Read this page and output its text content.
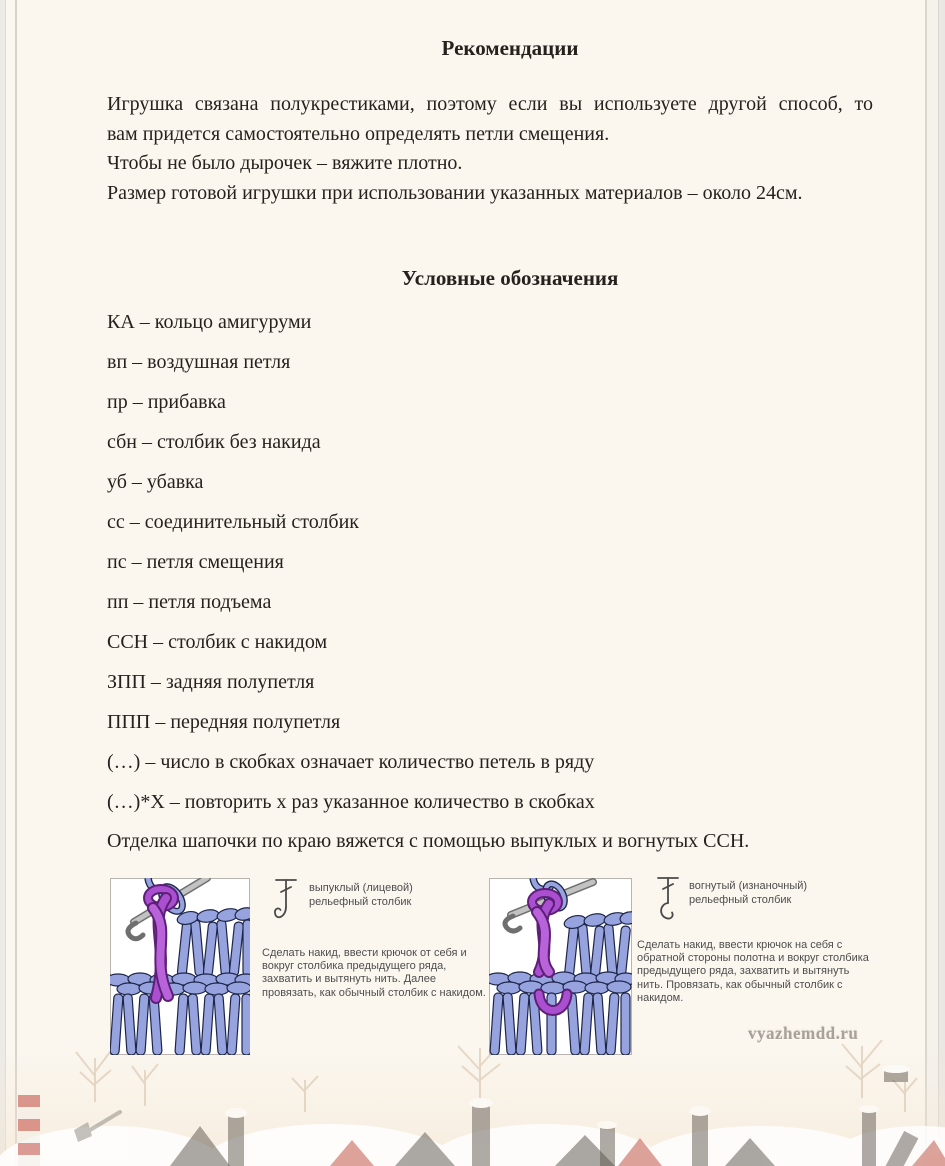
Рекомендации
Игрушка связана полукрестиками, поэтому если вы используете другой способ, то
вам придется самостоятельно определять петли смещения.
Чтобы не было дырочек – вяжите плотно.
Размер готовой игрушки при использовании указанных материалов – около 24см.
Условные обозначения
КА – кольцо амигуруми
вп – воздушная петля
пр – прибавка
сбн – столбик без накида
уб – убавка
сс – соединительный столбик
пс – петля смещения
пп – петля подъема
ССН – столбик с накидом
ЗПП – задняя полупетля
ППП – передняя полупетля
(…) – число в скобках означает количество петель в ряду
(…)*X – повторить x раз указанное количество в скобках
Отделка шапочки по краю вяжется с помощью выпуклых и вогнутых ССН.
выпуклый (лицевой) рельефный столбик
Сделать накид, ввести крючок от себя и вокруг столбика предыдущего ряда, захватить и вытянуть нить. Далее провязать, как обычный столбик с накидом.
вогнутый (изнаночный) рельефный столбик
Сделать накид, ввести крючок на себя с обратной стороны полотна и вокруг столбика предыдущего ряда, захватить и вытянуть нить. Провязать, как обычный столбик с накидом.
vyazhemdd.ru
